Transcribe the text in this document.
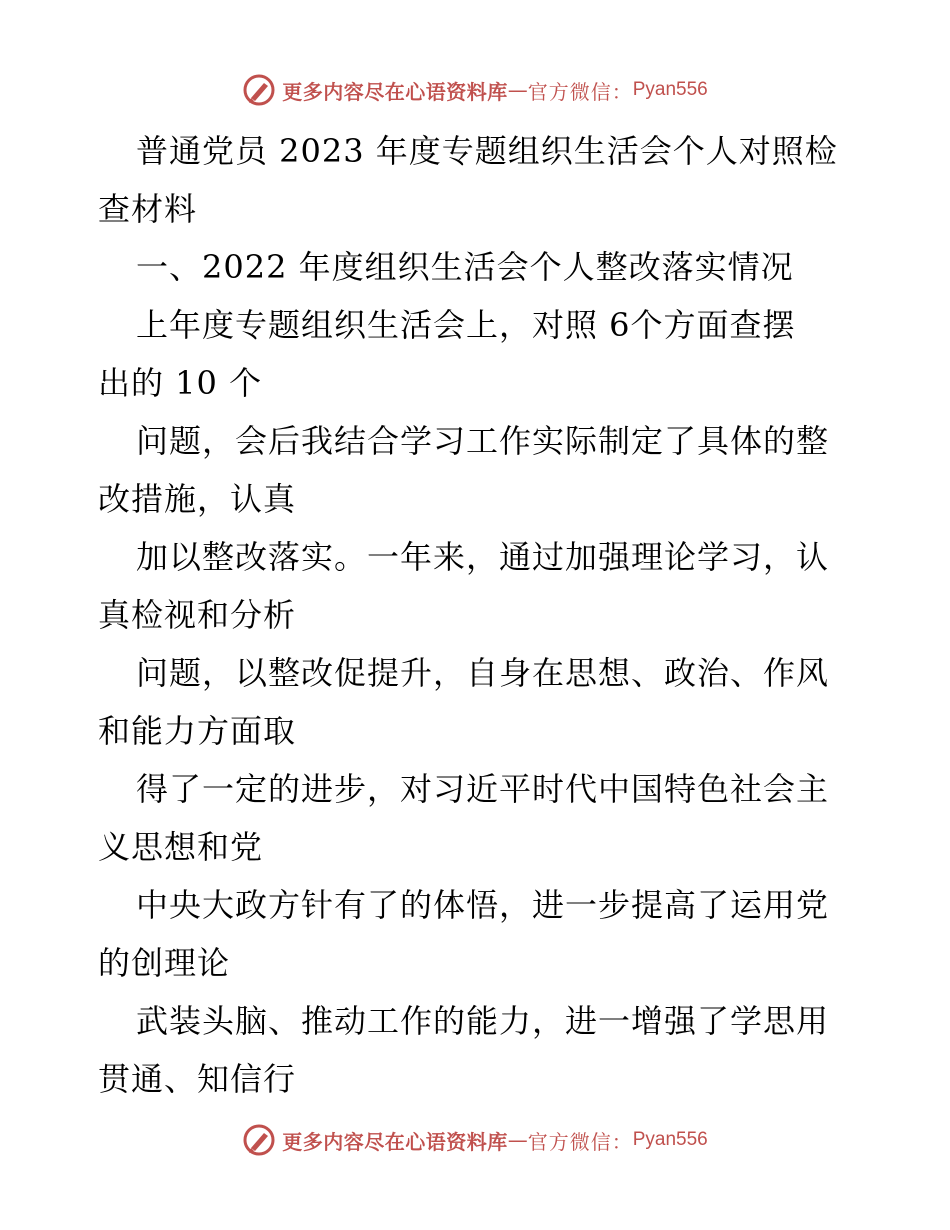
更多内容尽在心语资料库 — 官方微信： Pyan556
普通党员 2023 年度专题组织生活会个人对照检
查材料
一、2022 年度组织生活会个人整改落实情况
上年度专题组织生活会上，对照 6个方面查摆
出的 10 个
问题，会后我结合学习工作实际制定了具体的整
改措施，认真
加以整改落实。一年来，通过加强理论学习，认
真检视和分析
问题，以整改促提升，自身在思想、政治、作风
和能力方面取
得了一定的进步，对习近平时代中国特色社会主
义思想和党
中央大政方针有了的体悟，进一步提高了运用党
的创理论
武装头脑、推动工作的能力，进一增强了学思用
贯通、知信行
更多内容尽在心语资料库 — 官方微信： Pyan556
